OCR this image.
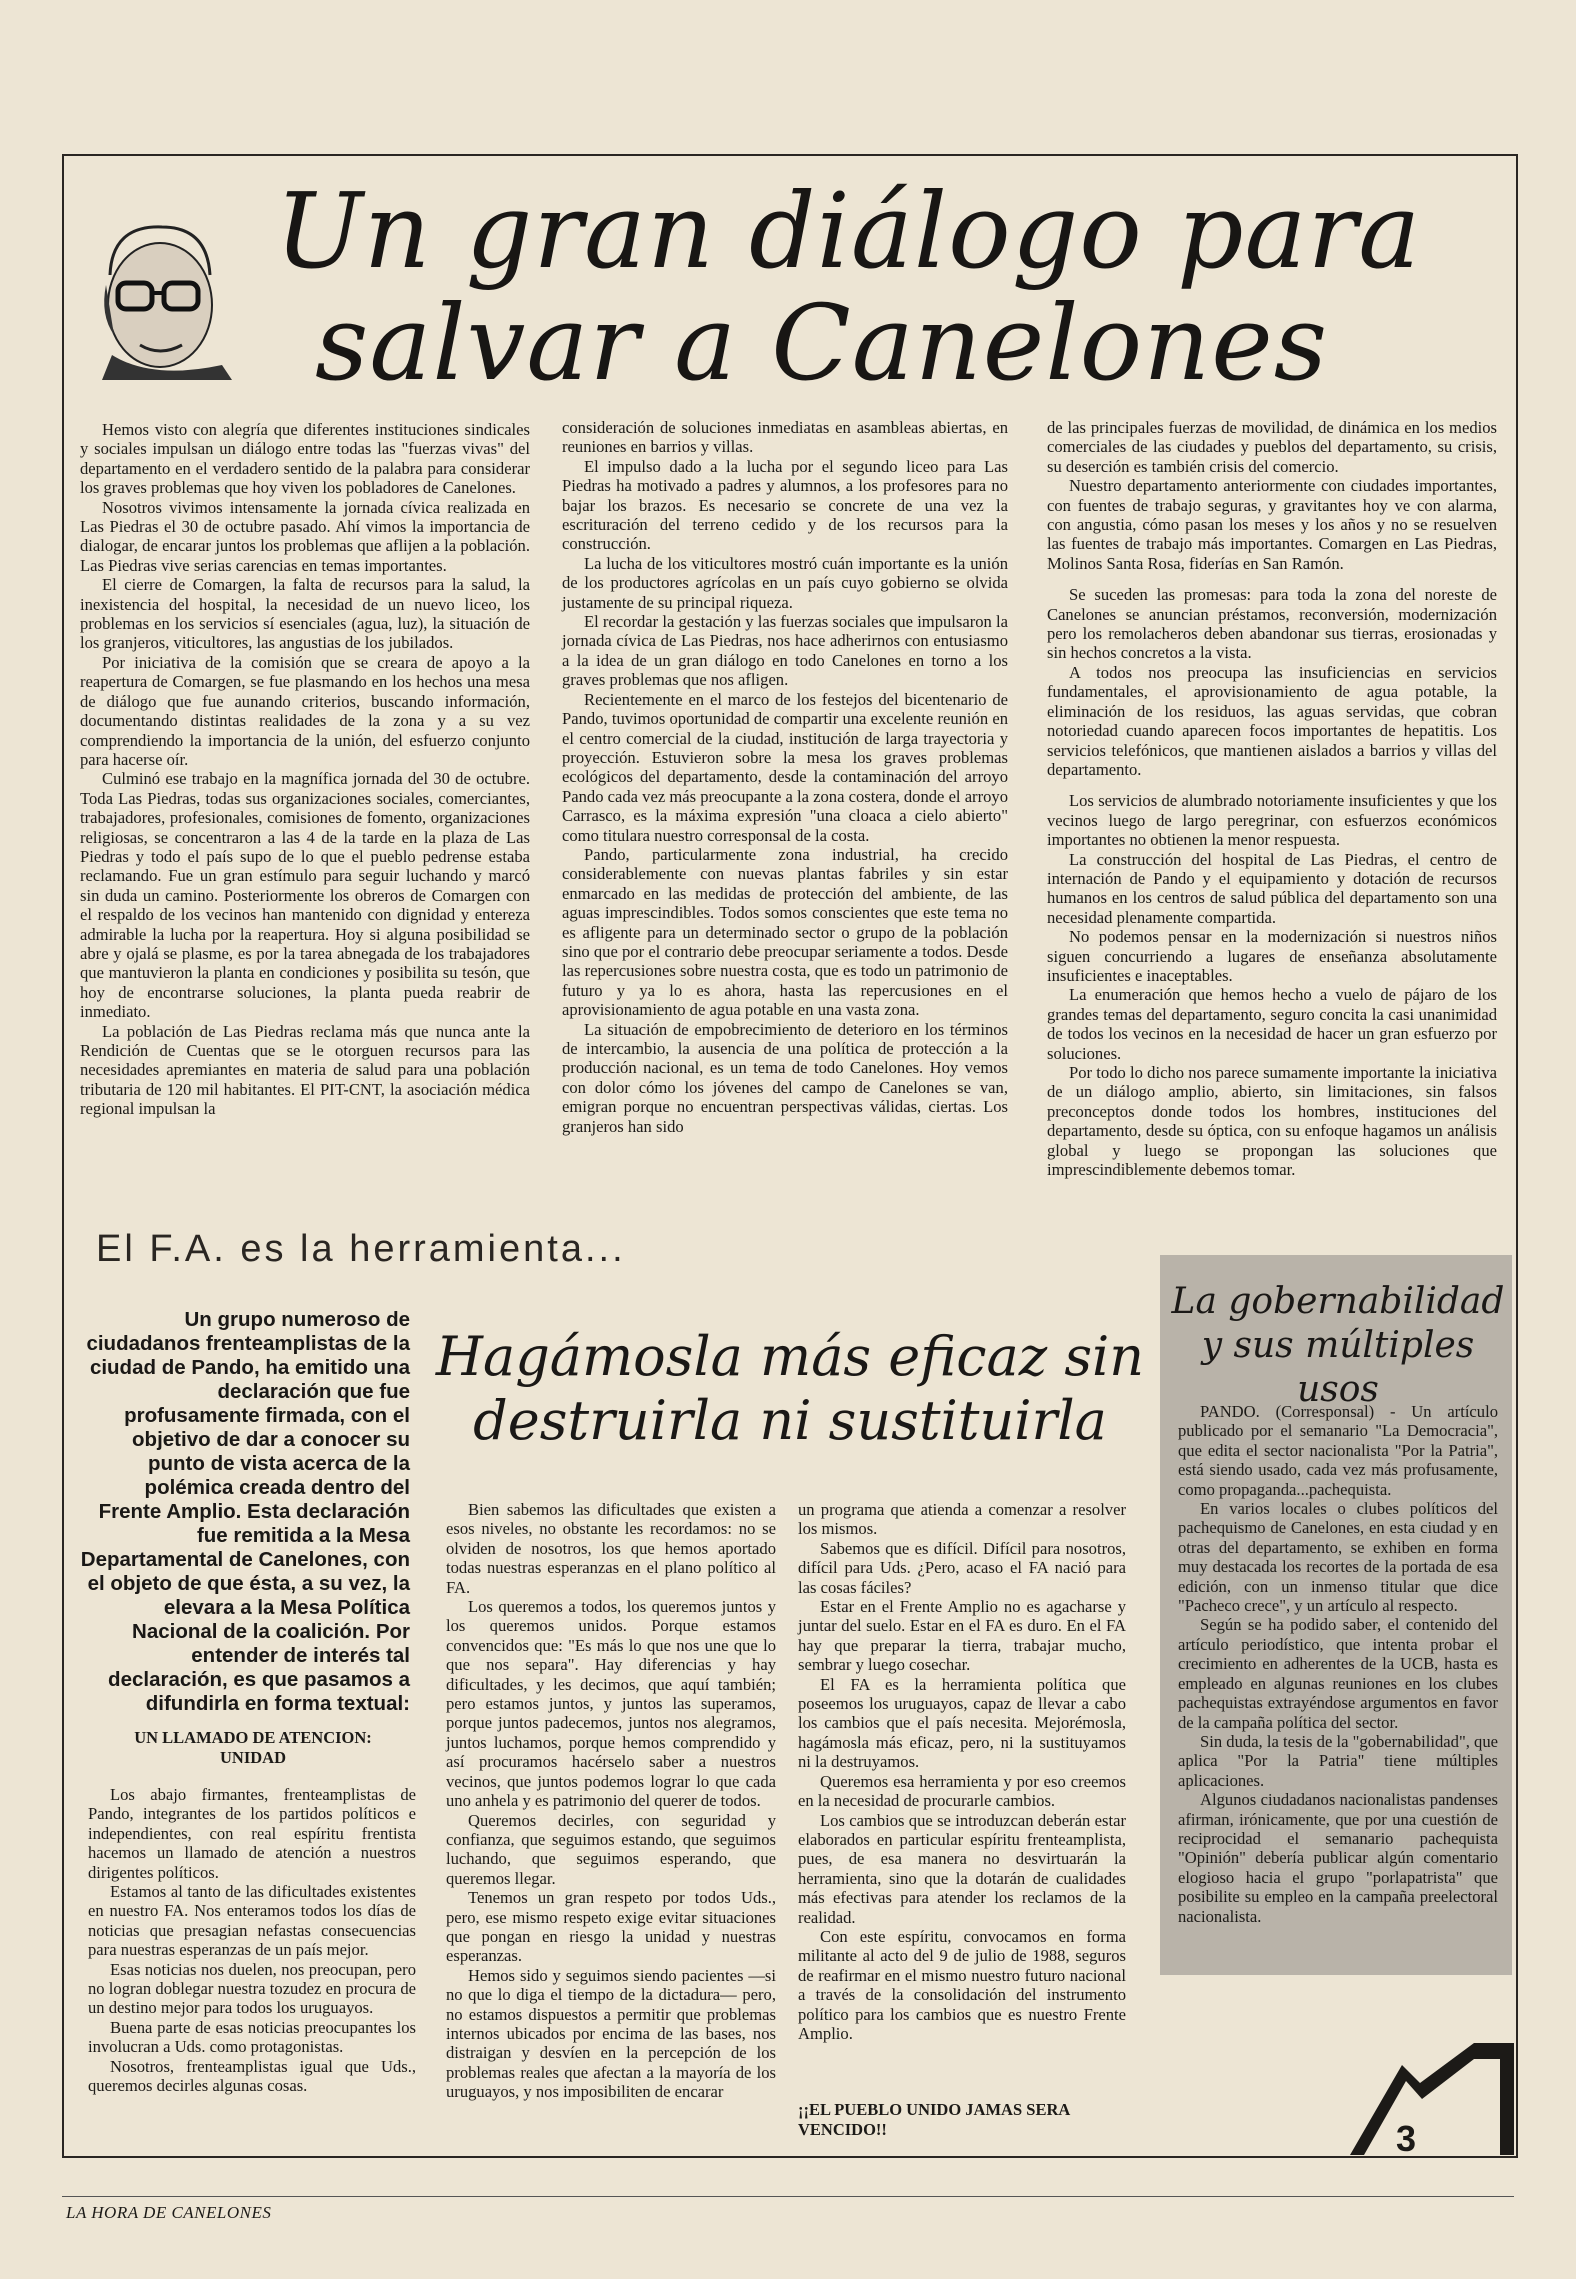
Un gran diálogo para
salvar a Canelones

Hemos visto con alegría que diferentes instituciones sindicales y sociales impulsan un diálogo entre todas las "fuerzas vivas" del departamento en el verdadero sentido de la palabra para considerar los graves problemas que hoy viven los pobladores de Canelones.

Nosotros vivimos intensamente la jornada cívica realizada en Las Piedras el 30 de octubre pasado. Ahí vimos la importancia de dialogar, de encarar juntos los problemas que aflijen a la población. Las Piedras vive serias carencias en temas importantes.

El cierre de Comargen, la falta de recursos para la salud, la inexistencia del hospital, la necesidad de un nuevo liceo, los problemas en los servicios sí esenciales (agua, luz), la situación de los granjeros, viticultores, las angustias de los jubilados.

Por iniciativa de la comisión que se creara de apoyo a la reapertura de Comargen, se fue plasmando en los hechos una mesa de diálogo que fue aunando criterios, buscando información, documentando distintas realidades de la zona y a su vez comprendiendo la importancia de la unión, del esfuerzo conjunto para hacerse oír.

Culminó ese trabajo en la magnífica jornada del 30 de octubre. Toda Las Piedras, todas sus organizaciones sociales, comerciantes, trabajadores, profesionales, comisiones de fomento, organizaciones religiosas, se concentraron a las 4 de la tarde en la plaza de Las Piedras y todo el país supo de lo que el pueblo pedrense estaba reclamando. Fue un gran estímulo para seguir luchando y marcó sin duda un camino. Posteriormente los obreros de Comargen con el respaldo de los vecinos han mantenido con dignidad y entereza admirable la lucha por la reapertura. Hoy si alguna posibilidad se abre y ojalá se plasme, es por la tarea abnegada de los trabajadores que mantuvieron la planta en condiciones y posibilita su tesón, que hoy de encontrarse soluciones, la planta pueda reabrir de inmediato.

La población de Las Piedras reclama más que nunca ante la Rendición de Cuentas que se le otorguen recursos para las necesidades apremiantes en materia de salud para una población tributaria de 120 mil habitantes. El PIT-CNT, la asociación médica regional impulsan la

consideración de soluciones inmediatas en asambleas abiertas, en reuniones en barrios y villas.

El impulso dado a la lucha por el segundo liceo para Las Piedras ha motivado a padres y alumnos, a los profesores para no bajar los brazos. Es necesario se concrete de una vez la escrituración del terreno cedido y de los recursos para la construcción.

La lucha de los viticultores mostró cuán importante es la unión de los productores agrícolas en un país cuyo gobierno se olvida justamente de su principal riqueza.

El recordar la gestación y las fuerzas sociales que impulsaron la jornada cívica de Las Piedras, nos hace adherirnos con entusiasmo a la idea de un gran diálogo en todo Canelones en torno a los graves problemas que nos afligen.

Recientemente en el marco de los festejos del bicentenario de Pando, tuvimos oportunidad de compartir una excelente reunión en el centro comercial de la ciudad, institución de larga trayectoria y proyección. Estuvieron sobre la mesa los graves problemas ecológicos del departamento, desde la contaminación del arroyo Pando cada vez más preocupante a la zona costera, donde el arroyo Carrasco, es la máxima expresión "una cloaca a cielo abierto" como titulara nuestro corresponsal de la costa.

Pando, particularmente zona industrial, ha crecido considerablemente con nuevas plantas fabriles y sin estar enmarcado en las medidas de protección del ambiente, de las aguas imprescindibles. Todos somos conscientes que este tema no es afligente para un determinado sector o grupo de la población sino que por el contrario debe preocupar seriamente a todos. Desde las repercusiones sobre nuestra costa, que es todo un patrimonio de futuro y ya lo es ahora, hasta las repercusiones en el aprovisionamiento de agua potable en una vasta zona.

La situación de empobrecimiento de deterioro en los términos de intercambio, la ausencia de una política de protección a la producción nacional, es un tema de todo Canelones. Hoy vemos con dolor cómo los jóvenes del campo de Canelones se van, emigran porque no encuentran perspectivas válidas, ciertas. Los granjeros han sido

de las principales fuerzas de movilidad, de dinámica en los medios comerciales de las ciudades y pueblos del departamento, su crisis, su deserción es también crisis del comercio.

Nuestro departamento anteriormente con ciudades importantes, con fuentes de trabajo seguras, y gravitantes hoy ve con alarma, con angustia, cómo pasan los meses y los años y no se resuelven las fuentes de trabajo más importantes. Comargen en Las Piedras, Molinos Santa Rosa, fiderías en San Ramón.

Se suceden las promesas: para toda la zona del noreste de Canelones se anuncian préstamos, reconversión, modernización pero los remolacheros deben abandonar sus tierras, erosionadas y sin hechos concretos a la vista.

A todos nos preocupa las insuficiencias en servicios fundamentales, el aprovisionamiento de agua potable, la eliminación de los residuos, las aguas servidas, que cobran notoriedad cuando aparecen focos importantes de hepatitis. Los servicios telefónicos, que mantienen aislados a barrios y villas del departamento.

Los servicios de alumbrado notoriamente insuficientes y que los vecinos luego de largo peregrinar, con esfuerzos económicos importantes no obtienen la menor respuesta.

La construcción del hospital de Las Piedras, el centro de internación de Pando y el equipamiento y dotación de recursos humanos en los centros de salud pública del departamento son una necesidad plenamente compartida.

No podemos pensar en la modernización si nuestros niños siguen concurriendo a lugares de enseñanza absolutamente insuficientes e inaceptables.

La enumeración que hemos hecho a vuelo de pájaro de los grandes temas del departamento, seguro concita la casi unanimidad de todos los vecinos en la necesidad de hacer un gran esfuerzo por soluciones.

Por todo lo dicho nos parece sumamente importante la iniciativa de un diálogo amplio, abierto, sin limitaciones, sin falsos preconceptos donde todos los hombres, instituciones del departamento, desde su óptica, con su enfoque hagamos un análisis global y luego se propongan las soluciones que imprescindiblemente debemos tomar.

El F.A. es la herramienta...
Un grupo numeroso de ciudadanos frenteamplistas de la ciudad de Pando, ha emitido una declaración que fue profusamente firmada, con el objetivo de dar a conocer su punto de vista acerca de la polémica creada dentro del Frente Amplio. Esta declaración fue remitida a la Mesa Departamental de Canelones, con el objeto de que ésta, a su vez, la elevara a la Mesa Política Nacional de la coalición. Por entender de interés tal declaración, es que pasamos a difundirla en forma textual:
Hagámosla más eficaz sin destruirla ni sustituirla
UN LLAMADO DE ATENCION: UNIDAD

Los abajo firmantes, frenteamplistas de Pando, integrantes de los partidos políticos e independientes, con real espíritu frentista hacemos un llamado de atención a nuestros dirigentes políticos.

Estamos al tanto de las dificultades existentes en nuestro FA. Nos enteramos todos los días de noticias que presagian nefastas consecuencias para nuestras esperanzas de un país mejor.

Esas noticias nos duelen, nos preocupan, pero no logran doblegar nuestra tozudez en procura de un destino mejor para todos los uruguayos.

Buena parte de esas noticias preocupantes los involucran a Uds. como protagonistas.

Nosotros, frenteamplistas igual que Uds., queremos decirles algunas cosas.

Bien sabemos las dificultades que existen a esos niveles, no obstante les recordamos: no se olviden de nosotros, los que hemos aportado todas nuestras esperanzas en el plano político al FA.

Los queremos a todos, los queremos juntos y los queremos unidos. Porque estamos convencidos que: "Es más lo que nos une que lo que nos separa". Hay diferencias y hay dificultades, y les decimos, que aquí también; pero estamos juntos, y juntos las superamos, porque juntos padecemos, juntos nos alegramos, juntos luchamos, porque hemos comprendido y así procuramos hacérselo saber a nuestros vecinos, que juntos podemos lograr lo que cada uno anhela y es patrimonio del querer de todos.

Queremos decirles, con seguridad y confianza, que seguimos estando, que seguimos luchando, que seguimos esperando, que queremos llegar.

Tenemos un gran respeto por todos Uds., pero, ese mismo respeto exige evitar situaciones que pongan en riesgo la unidad y nuestras esperanzas.

Hemos sido y seguimos siendo pacientes —si no que lo diga el tiempo de la dictadura— pero, no estamos dispuestos a permitir que problemas internos ubicados por encima de las bases, nos distraigan y desvíen en la percepción de los problemas reales que afectan a la mayoría de los uruguayos, y nos imposibiliten de encarar

un programa que atienda a comenzar a resolver los mismos.

Sabemos que es difícil. Difícil para nosotros, difícil para Uds. ¿Pero, acaso el FA nació para las cosas fáciles?

Estar en el Frente Amplio no es agacharse y juntar del suelo. Estar en el FA es duro. En el FA hay que preparar la tierra, trabajar mucho, sembrar y luego cosechar.

El FA es la herramienta política que poseemos los uruguayos, capaz de llevar a cabo los cambios que el país necesita. Mejorémosla, hagámosla más eficaz, pero, ni la sustituyamos ni la destruyamos.

Queremos esa herramienta y por eso creemos en la necesidad de procurarle cambios.

Los cambios que se introduzcan deberán estar elaborados en particular espíritu frenteamplista, pues, de esa manera no desvirtuarán la herramienta, sino que la dotarán de cualidades más efectivas para atender los reclamos de la realidad.

Con este espíritu, convocamos en forma militante al acto del 9 de julio de 1988, seguros de reafirmar en el mismo nuestro futuro nacional a través de la consolidación del instrumento político para los cambios que es nuestro Frente Amplio.

¡¡EL PUEBLO UNIDO JAMAS SERA VENCIDO!!
La gobernabilidad y sus múltiples usos

PANDO. (Corresponsal) - Un artículo publicado por el semanario "La Democracia", que edita el sector nacionalista "Por la Patria", está siendo usado, cada vez más profusamente, como propaganda...pachequista.

En varios locales o clubes políticos del pachequismo de Canelones, en esta ciudad y en otras del departamento, se exhiben en forma muy destacada los recortes de la portada de esa edición, con un inmenso titular que dice "Pacheco crece", y un artículo al respecto.

Según se ha podido saber, el contenido del artículo periodístico, que intenta probar el crecimiento en adherentes de la UCB, hasta es empleado en algunas reuniones en los clubes pachequistas extrayéndose argumentos en favor de la campaña política del sector.

Sin duda, la tesis de la "gobernabilidad", que aplica "Por la Patria" tiene múltiples aplicaciones.

Algunos ciudadanos nacionalistas pandenses afirman, irónicamente, que por una cuestión de reciprocidad el semanario pachequista "Opinión" debería publicar algún comentario elogioso hacia el grupo "porlapatrista" que posibilite su empleo en la campaña preelectoral nacionalista.

3
LA HORA DE CANELONES
